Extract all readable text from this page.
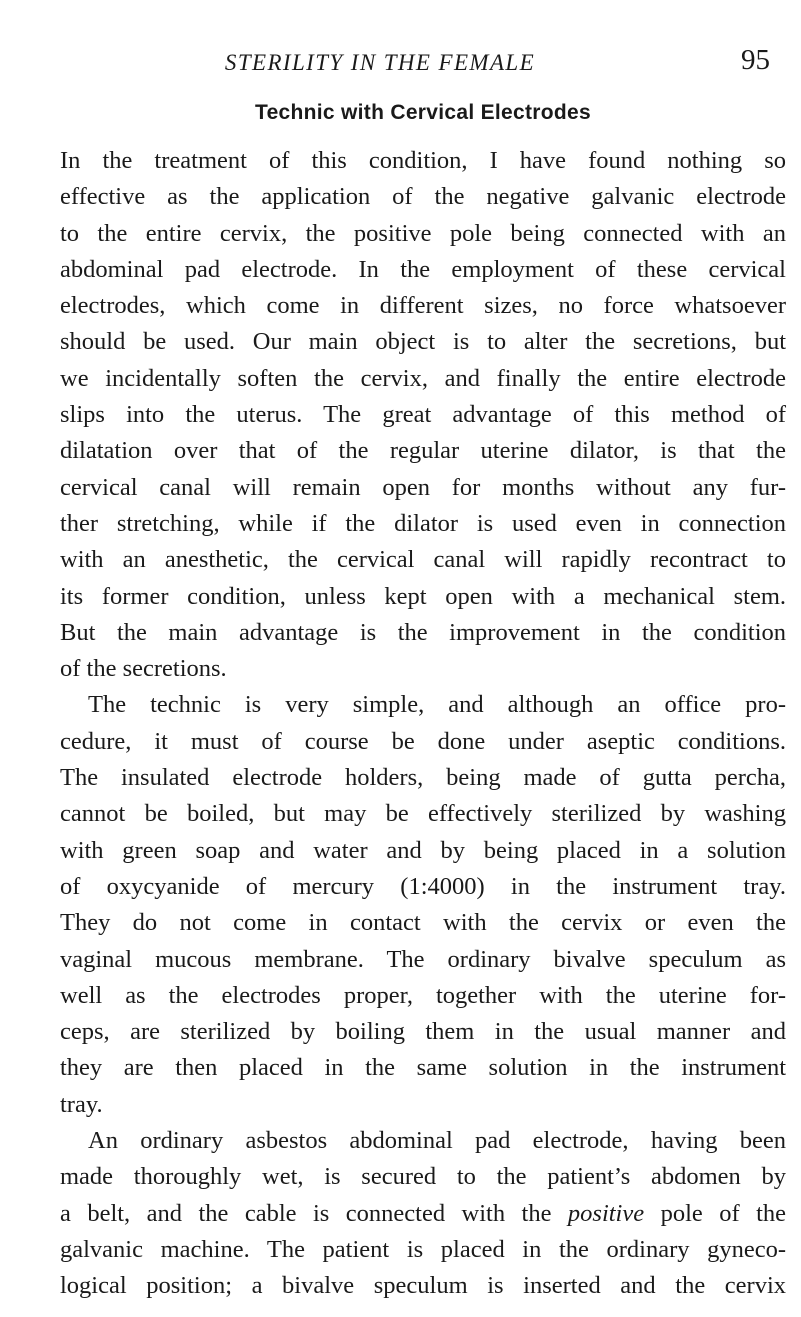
STERILITY IN THE FEMALE	95
Technic with Cervical Electrodes

In the treatment of this condition, I have found nothing so
effective as the application of the negative galvanic electrode
to the entire cervix, the positive pole being connected with an
abdominal pad electrode. In the employment of these cervical
electrodes, which come in different sizes, no force whatsoever
should be used. Our main object is to alter the secretions, but
we incidentally soften the cervix, and finally the entire electrode
slips into the uterus. The great advantage of this method of
dilatation over that of the regular uterine dilator, is that the
cervical canal will remain open for months without any fur-
ther stretching, while if the dilator is used even in connection
with an anesthetic, the cervical canal will rapidly recontract to
its former condition, unless kept open with a mechanical stem.
But the main advantage is the improvement in the condition
of the secretions.

The technic is very simple, and although an office pro-
cedure, it must of course be done under aseptic conditions.
The insulated electrode holders, being made of gutta percha,
cannot be boiled, but may be effectively sterilized by washing
with green soap and water and by being placed in a solution
of oxycyanide of mercury (1:4000) in the instrument tray.
They do not come in contact with the cervix or even the
vaginal mucous membrane. The ordinary bivalve speculum as
well as the electrodes proper, together with the uterine for-
ceps, are sterilized by boiling them in the usual manner and
they are then placed in the same solution in the instrument
tray.

An ordinary asbestos abdominal pad electrode, having been
made thoroughly wet, is secured to the patient’s abdomen by
a belt, and the cable is connected with the positive pole of the
galvanic machine. The patient is placed in the ordinary gyneco-
logical position; a bivalve speculum is inserted and the cervix
